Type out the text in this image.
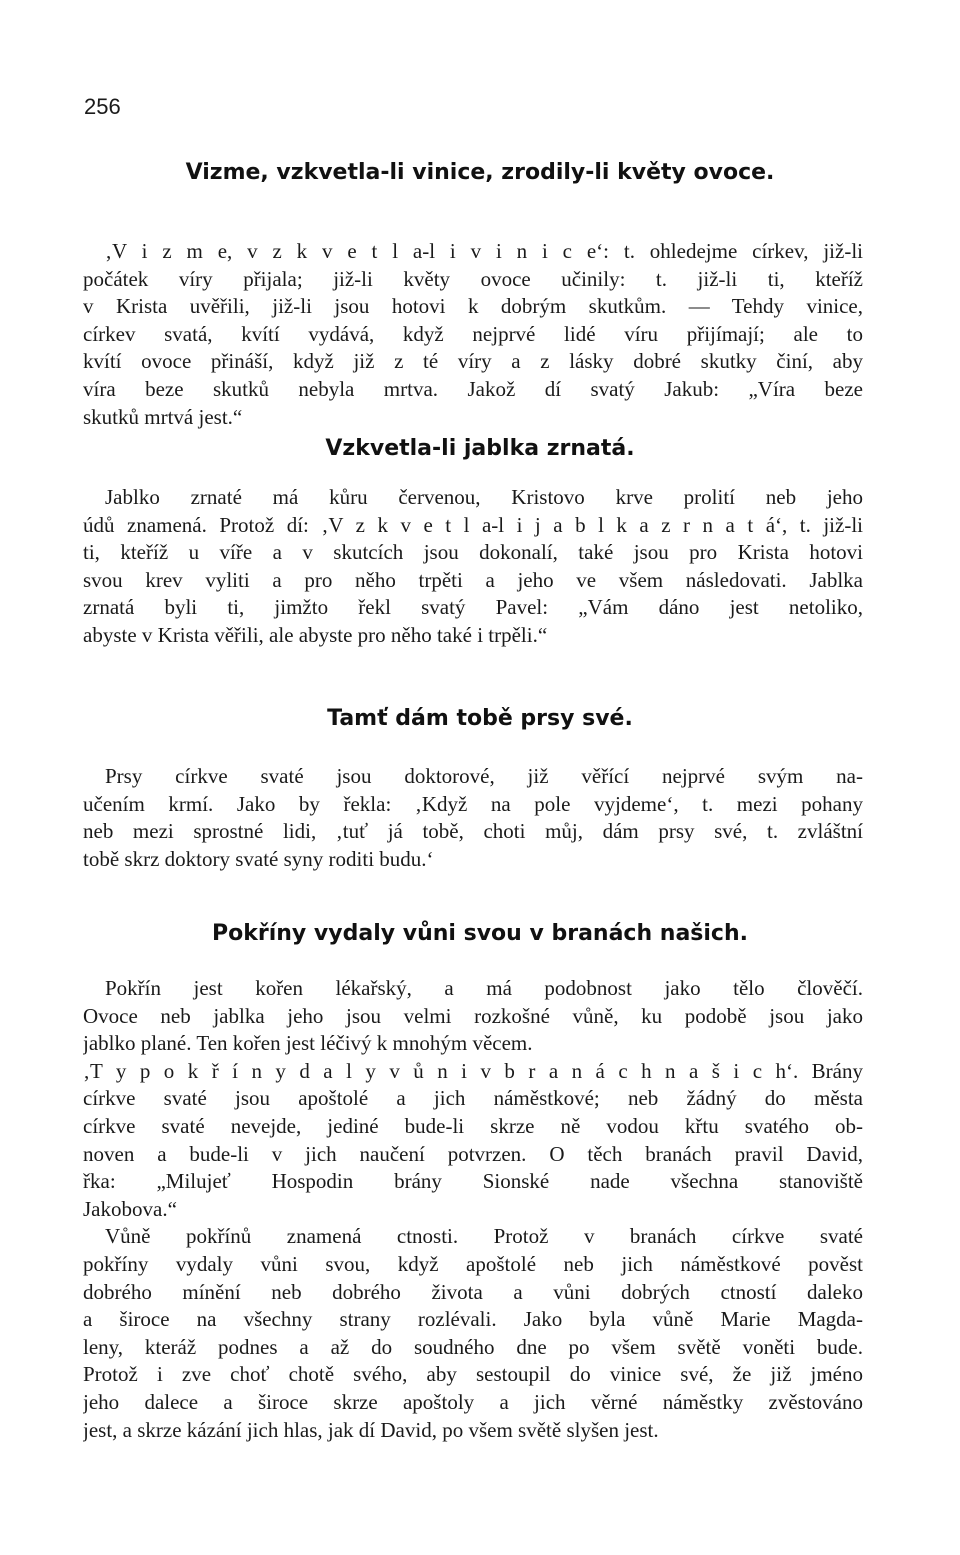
256
Vizme, vzkvetla-li vinice, zrodily-li květy ovoce.
‚V i z m e, v z k v e t l a-l i v i n i c e‘: t. ohledejme církev, již-li
počátek víry přijala; již-li květy ovoce učinily: t. již-li ti, kteříž
v Krista uvěřili, již-li jsou hotovi k dobrým skutkům. — Tehdy vinice,
církev svatá, kvítí vydává, když nejprvé lidé víru přijímají; ale to
kvítí ovoce přináší, když již z té víry a z lásky dobré skutky činí, aby
víra beze skutků nebyla mrtva. Jakož dí svatý Jakub: „Víra beze
skutků mrtvá jest.“
Vzkvetla-li jablka zrnatá.
Jablko zrnaté má kůru červenou, Kristovo krve prolití neb jeho
údů znamená. Protož dí: ‚V z k v e t l a-l i j a b l k a z r n a t á‘, t. již-li
ti, kteříž u víře a v skutcích jsou dokonalí, také jsou pro Krista hotovi
svou krev vyliti a pro něho trpěti a jeho ve všem následovati. Jablka
zrnatá byli ti, jimžto řekl svatý Pavel: „Vám dáno jest netoliko,
abyste v Krista věřili, ale abyste pro něho také i trpěli.“
Tamť dám tobě prsy své.
Prsy církve svaté jsou doktorové, již věřící nejprvé svým na-
učením krmí. Jako by řekla: ‚Když na pole vyjdeme‘, t. mezi pohany
neb mezi sprostné lidi, ‚tuť já tobě, choti můj, dám prsy své, t. zvláštní
tobě skrz doktory svaté syny roditi budu.‘
Pokříny vydaly vůni svou v branách našich.
Pokřín jest kořen lékařský, a má podobnost jako tělo člověčí.
Ovoce neb jablka jeho jsou velmi rozkošné vůně, ku podobě jsou jako
jablko plané. Ten kořen jest léčivý k mnohým věcem.
‚T y p o k ř í n y d a l y v ů n i v b r a n á c h n a š i c h‘. Brány
církve svaté jsou apoštolé a jich náměstkové; neb žádný do města
církve svaté nevejde, jediné bude-li skrze ně vodou křtu svatého ob-
noven a bude-li v jich naučení potvrzen. O těch branách pravil David,
řka: „Milujeť Hospodin brány Sionské nade všechna stanoviště
Jakobova.“
Vůně pokřínů znamená ctnosti. Protož v branách církve svaté
pokříny vydaly vůni svou, když apoštolé neb jich náměstkové pověst
dobrého mínění neb dobrého života a vůni dobrých ctností daleko
a široce na všechny strany rozlévali. Jako byla vůně Marie Magda-
leny, kteráž podnes a až do soudného dne po všem světě voněti bude.
Protož i zve choť chotě svého, aby sestoupil do vinice své, že již jméno
jeho dalece a široce skrze apoštoly a jich věrné náměstky zvěstováno
jest, a skrze kázání jich hlas, jak dí David, po všem světě slyšen jest.
